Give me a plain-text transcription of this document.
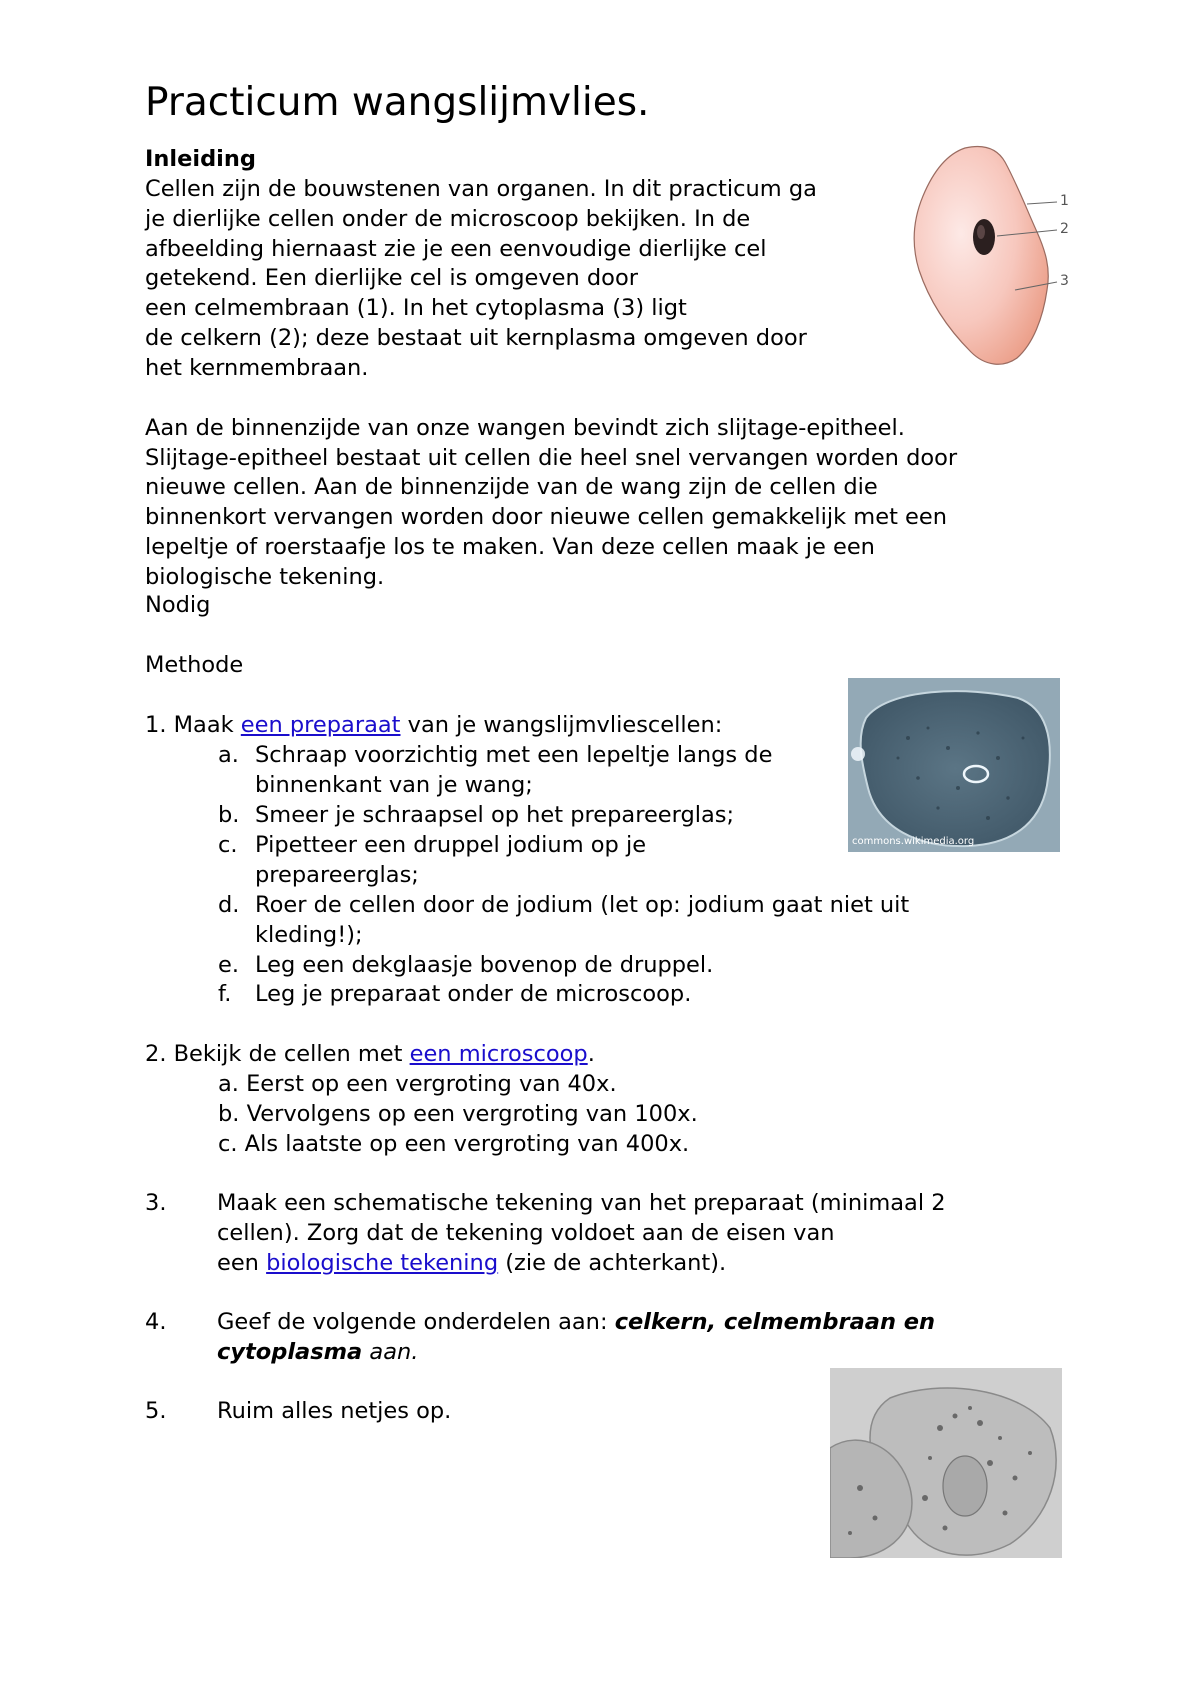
Practicum wangslijmvlies.
Inleiding
Cellen zijn de bouwstenen van organen. In dit practicum ga
je dierlijke cellen onder de microscoop bekijken. In de
afbeelding hiernaast zie je een eenvoudige dierlijke cel
getekend. Een dierlijke cel is omgeven door
een celmembraan (1). In het cytoplasma (3) ligt
de celkern (2); deze bestaat uit kernplasma omgeven door
het kernmembraan.
1
2
3
Aan de binnenzijde van onze wangen bevindt zich slijtage-epitheel.
Slijtage-epitheel bestaat uit cellen die heel snel vervangen worden door
nieuwe cellen. Aan de binnenzijde van de wang zijn de cellen die
binnenkort vervangen worden door nieuwe cellen gemakkelijk met een
lepeltje of roerstaafje los te maken. Van deze cellen maak je een
biologische tekening.
Nodig
Methode
1. Maak een preparaat van je wangslijmvliescellen:
a. Schraap voorzichtig met een lepeltje langs de
binnenkant van je wang;
b. Smeer je schraapsel op het prepareerglas;
c. Pipetteer een druppel jodium op je
prepareerglas;
d. Roer de cellen door de jodium (let op: jodium gaat niet uit
kleding!);
e. Leg een dekglaasje bovenop de druppel.
f. Leg je preparaat onder de microscoop.
commons.wikimedia.org
2. Bekijk de cellen met een microscoop.
a. Eerst op een vergroting van 40x.
b. Vervolgens op een vergroting van 100x.
c. Als laatste op een vergroting van 400x.
3. Maak een schematische tekening van het preparaat (minimaal 2
cellen). Zorg dat de tekening voldoet aan de eisen van
een biologische tekening (zie de achterkant).
4. Geef de volgende onderdelen aan: celkern, celmembraan en
cytoplasma aan.
5. Ruim alles netjes op.
